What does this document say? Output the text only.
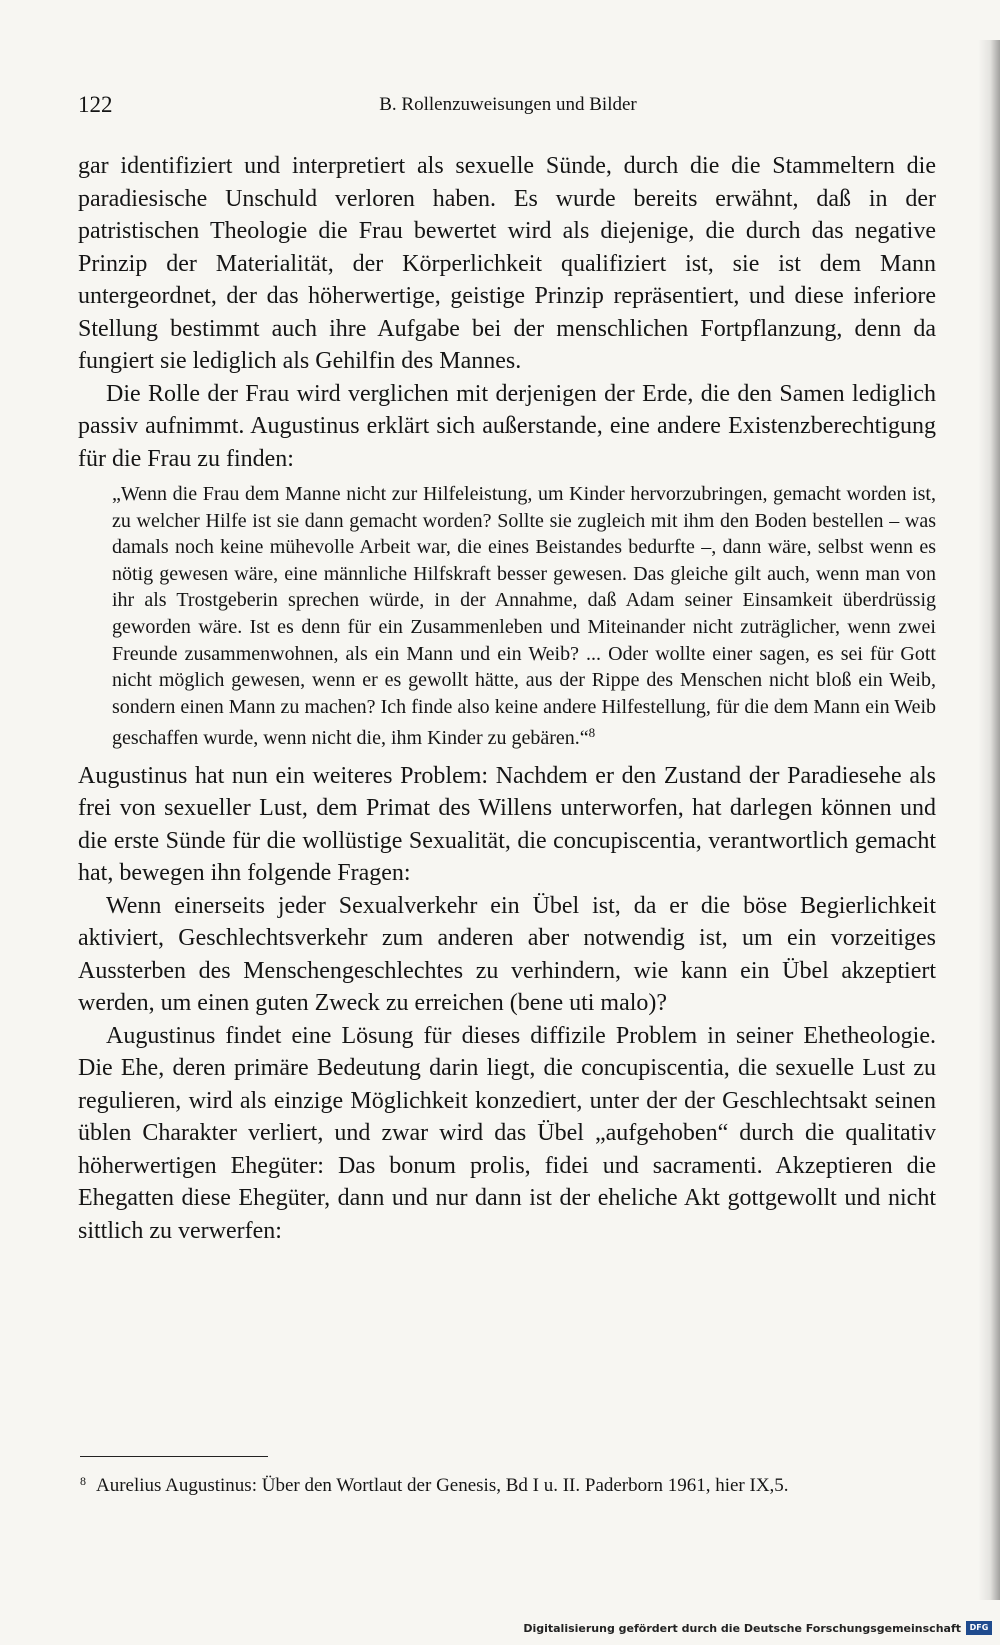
122	B. Rollenzuweisungen und Bilder

gar identifiziert und interpretiert als sexuelle Sünde, durch die die Stammeltern die paradiesische Unschuld verloren haben. Es wurde bereits erwähnt, daß in der patristischen Theologie die Frau bewertet wird als diejenige, die durch das negative Prinzip der Materialität, der Körperlichkeit qualifiziert ist, sie ist dem Mann untergeordnet, der das höherwertige, geistige Prinzip repräsentiert, und diese inferiore Stellung bestimmt auch ihre Aufgabe bei der menschlichen Fortpflanzung, denn da fungiert sie lediglich als Gehilfin des Mannes.

Die Rolle der Frau wird verglichen mit derjenigen der Erde, die den Samen lediglich passiv aufnimmt. Augustinus erklärt sich außerstande, eine andere Existenzberechtigung für die Frau zu finden:

„Wenn die Frau dem Manne nicht zur Hilfeleistung, um Kinder hervorzubringen, gemacht worden ist, zu welcher Hilfe ist sie dann gemacht worden? Sollte sie zugleich mit ihm den Boden bestellen – was damals noch keine mühevolle Arbeit war, die eines Beistandes bedurfte –, dann wäre, selbst wenn es nötig gewesen wäre, eine männliche Hilfskraft besser gewesen. Das gleiche gilt auch, wenn man von ihr als Trostgeberin sprechen würde, in der Annahme, daß Adam seiner Einsamkeit überdrüssig geworden wäre. Ist es denn für ein Zusammenleben und Miteinander nicht zuträglicher, wenn zwei Freunde zusammenwohnen, als ein Mann und ein Weib? ... Oder wollte einer sagen, es sei für Gott nicht möglich gewesen, wenn er es gewollt hätte, aus der Rippe des Menschen nicht bloß ein Weib, sondern einen Mann zu machen? Ich finde also keine andere Hilfestellung, für die dem Mann ein Weib geschaffen wurde, wenn nicht die, ihm Kinder zu gebären.“$^8$

Augustinus hat nun ein weiteres Problem: Nachdem er den Zustand der Paradiesehe als frei von sexueller Lust, dem Primat des Willens unterworfen, hat darlegen können und die erste Sünde für die wollüstige Sexualität, die concupiscentia, verantwortlich gemacht hat, bewegen ihn folgende Fragen:

Wenn einerseits jeder Sexualverkehr ein Übel ist, da er die böse Begierlichkeit aktiviert, Geschlechtsverkehr zum anderen aber notwendig ist, um ein vorzeitiges Aussterben des Menschengeschlechtes zu verhindern, wie kann ein Übel akzeptiert werden, um einen guten Zweck zu erreichen (bene uti malo)?

Augustinus findet eine Lösung für dieses diffizile Problem in seiner Ehetheologie. Die Ehe, deren primäre Bedeutung darin liegt, die concupiscentia, die sexuelle Lust zu regulieren, wird als einzige Möglichkeit konzediert, unter der der Geschlechtsakt seinen üblen Charakter verliert, und zwar wird das Übel „aufgehoben“ durch die qualitativ höherwertigen Ehegüter: Das bonum prolis, fidei und sacramenti. Akzeptieren die Ehegatten diese Ehegüter, dann und nur dann ist der eheliche Akt gottgewollt und nicht sittlich zu verwerfen:

$^8$ Aurelius Augustinus: Über den Wortlaut der Genesis, Bd I u. II. Paderborn 1961, hier IX,5.
Digitalisierung gefördert durch die Deutsche Forschungsgemeinschaft	DFG
